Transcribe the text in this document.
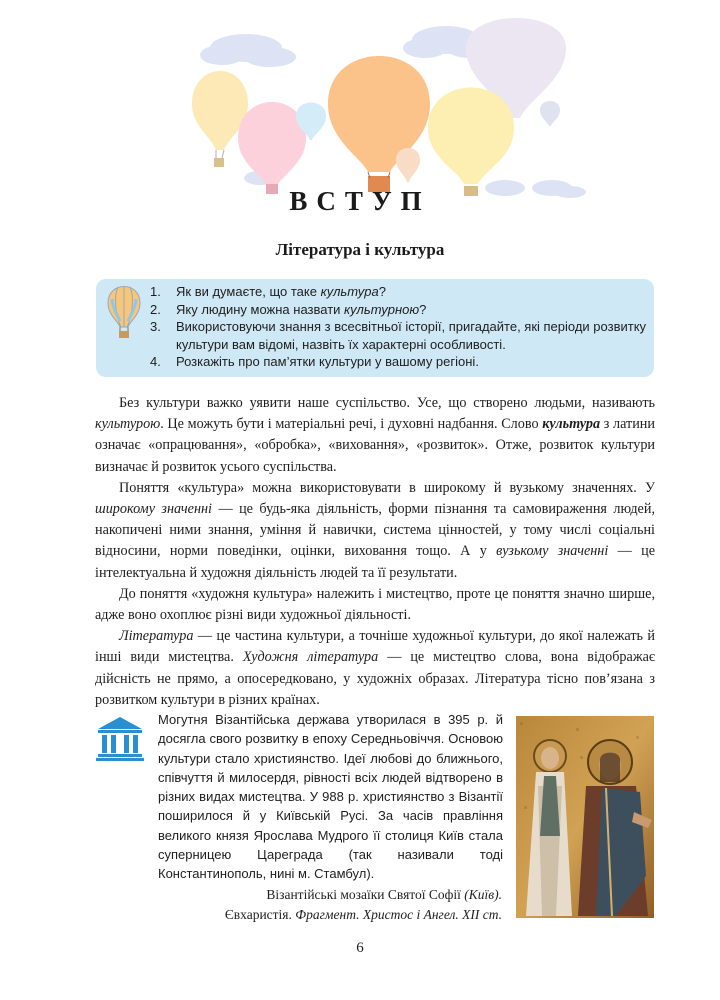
ВСТУП
Література і культура
1.	Як ви думаєте, що таке культура?
2.	Яку людину можна назвати культурною?
3.	Використовуючи знання з всесвітньої історії, пригадайте, які періоди розвитку культури вам відомі, назвіть їх характерні особливості.
4.	Розкажіть про пам’ятки культури у вашому регіоні.

Без культури важко уявити наше суспільство. Усе, що створено людьми, називають культурою. Це можуть бути і матеріальні речі, і духовні надбання. Слово культура з латини означає «опрацювання», «обробка», «виховання», «розвиток». Отже, розвиток культури визначає й розвиток усього суспільства.

Поняття «культура» можна використовувати в широкому й вузькому значеннях. У широкому значенні — це будь-яка діяльність, форми пізнання та самовираження людей, накопичені ними знання, уміння й навички, система цінностей, у тому числі соціальні відносини, норми поведінки, оцінки, виховання тощо. А у вузькому значенні — це інтелектуальна й художня діяльність людей та її результати.

До поняття «художня культура» належить і мистецтво, проте це поняття значно ширше, адже воно охоплює різні види художньої діяльності.

Література — це частина культури, а точніше художньої культури, до якої належать й інші види мистецтва. Художня література — це мистецтво слова, вона відображає дійсність не прямо, а опосередковано, у художніх образах. Література тісно пов’язана з розвитком культури в різних країнах.

Могутня Візантійська держава утворилася в 395 р. й досягла свого розвитку в епоху Середньовіччя. Основою культури стало християнство. Ідеї любові до ближнього, співчуття й милосердя, рівності всіх людей відтворено в різних видах мистецтва. У 988 р. християнство з Візантії поширилося й у Київській Русі. За часів правління великого князя Ярослава Мудрого її столиця Київ стала суперницею Цареграда (так називали тоді Константинополь, нині м. Стамбул).
Візантійські мозаїки Святої Софії (Київ).
Євхаристія. Фрагмент. Христос і Ангел. XII ст.
6
